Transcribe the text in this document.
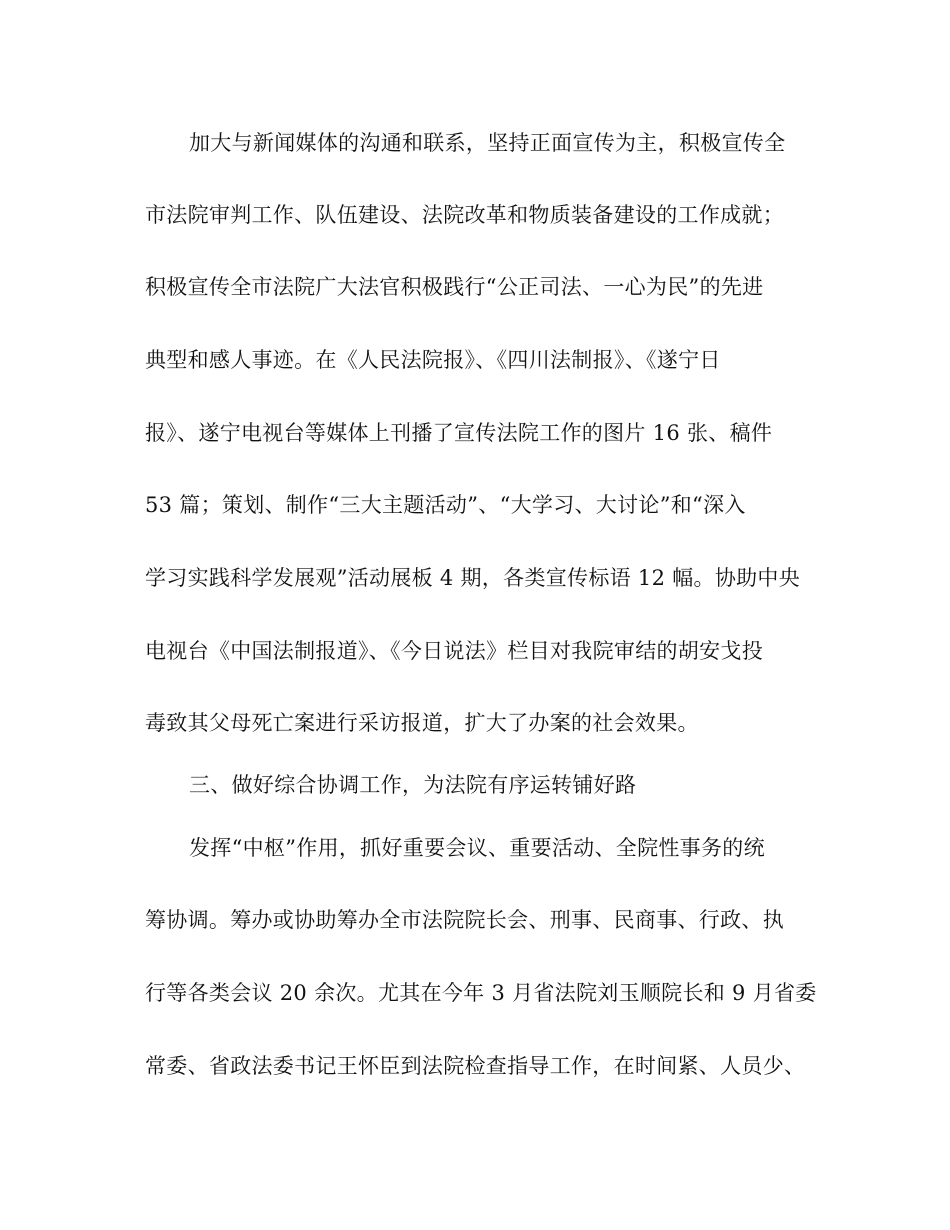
加大与新闻媒体的沟通和联系，坚持正面宣传为主，积极宣传全
市法院审判工作、队伍建设、法院改革和物质装备建设的工作成就；
积极宣传全市法院广大法官积极践行“公正司法、一心为民”的先进
典型和感人事迹。在《人民法院报》、《四川法制报》、《遂宁日
报》、遂宁电视台等媒体上刊播了宣传法院工作的图片 16 张、稿件
53 篇；策划、制作“三大主题活动”、“大学习、大讨论”和“深入
学习实践科学发展观”活动展板 4 期，各类宣传标语 12 幅。协助中央
电视台《中国法制报道》、《今日说法》栏目对我院审结的胡安戈投
毒致其父母死亡案进行采访报道，扩大了办案的社会效果。
三、做好综合协调工作，为法院有序运转铺好路
发挥“中枢”作用，抓好重要会议、重要活动、全院性事务的统
筹协调。筹办或协助筹办全市法院院长会、刑事、民商事、行政、执
行等各类会议 20 余次。尤其在今年 3 月省法院刘玉顺院长和 9 月省委
常委、省政法委书记王怀臣到法院检查指导工作，在时间紧、人员少、
